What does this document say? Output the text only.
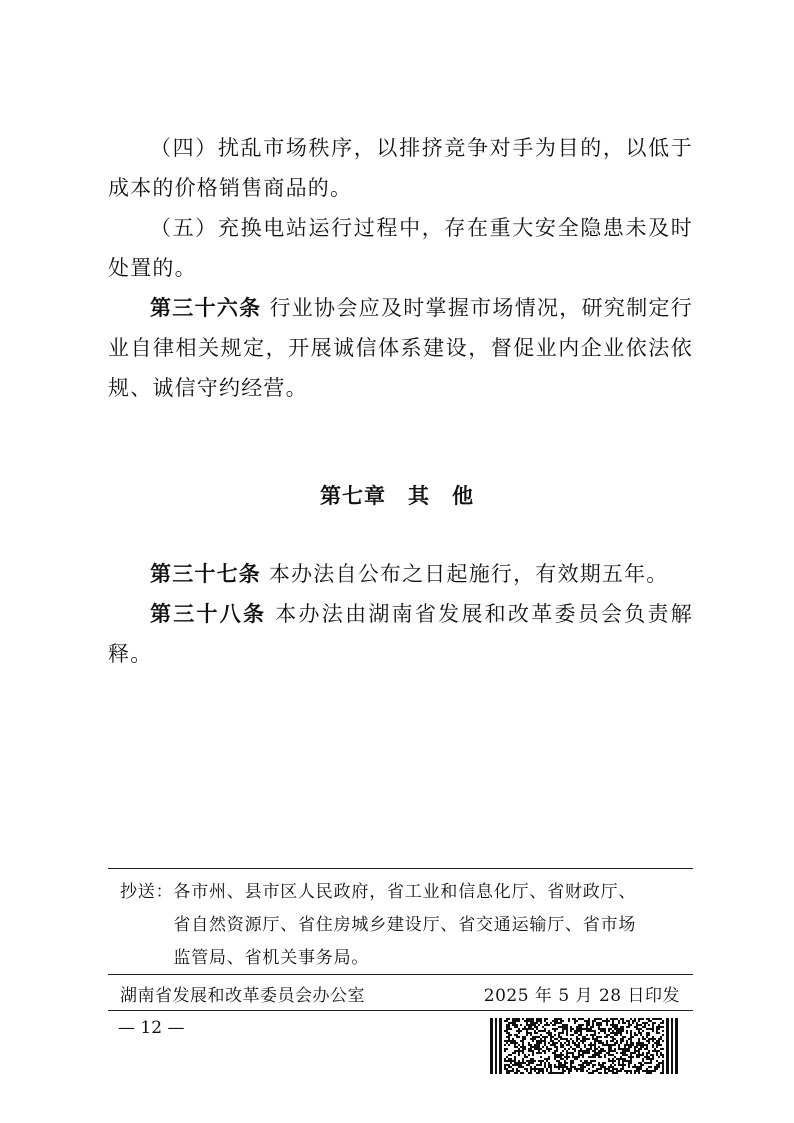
（四）扰乱市场秩序，以排挤竞争对手为目的，以低于成本的价格销售商品的。

（五）充换电站运行过程中，存在重大安全隐患未及时处置的。

第三十六条 行业协会应及时掌握市场情况，研究制定行业自律相关规定，开展诚信体系建设，督促业内企业依法依规、诚信守约经营。

第七章 其　他

第三十七条 本办法自公布之日起施行，有效期五年。

第三十八条 本办法由湖南省发展和改革委员会负责解释。

抄送： 各市州、县市区人民政府，省工业和信息化厅、省财政厅、
省自然资源厅、省住房城乡建设厅、省交通运输厅、省市场
监管局、省机关事务局。
湖南省发展和改革委员会办公室	2025 年 5 月 28 日印发
— 12 —
